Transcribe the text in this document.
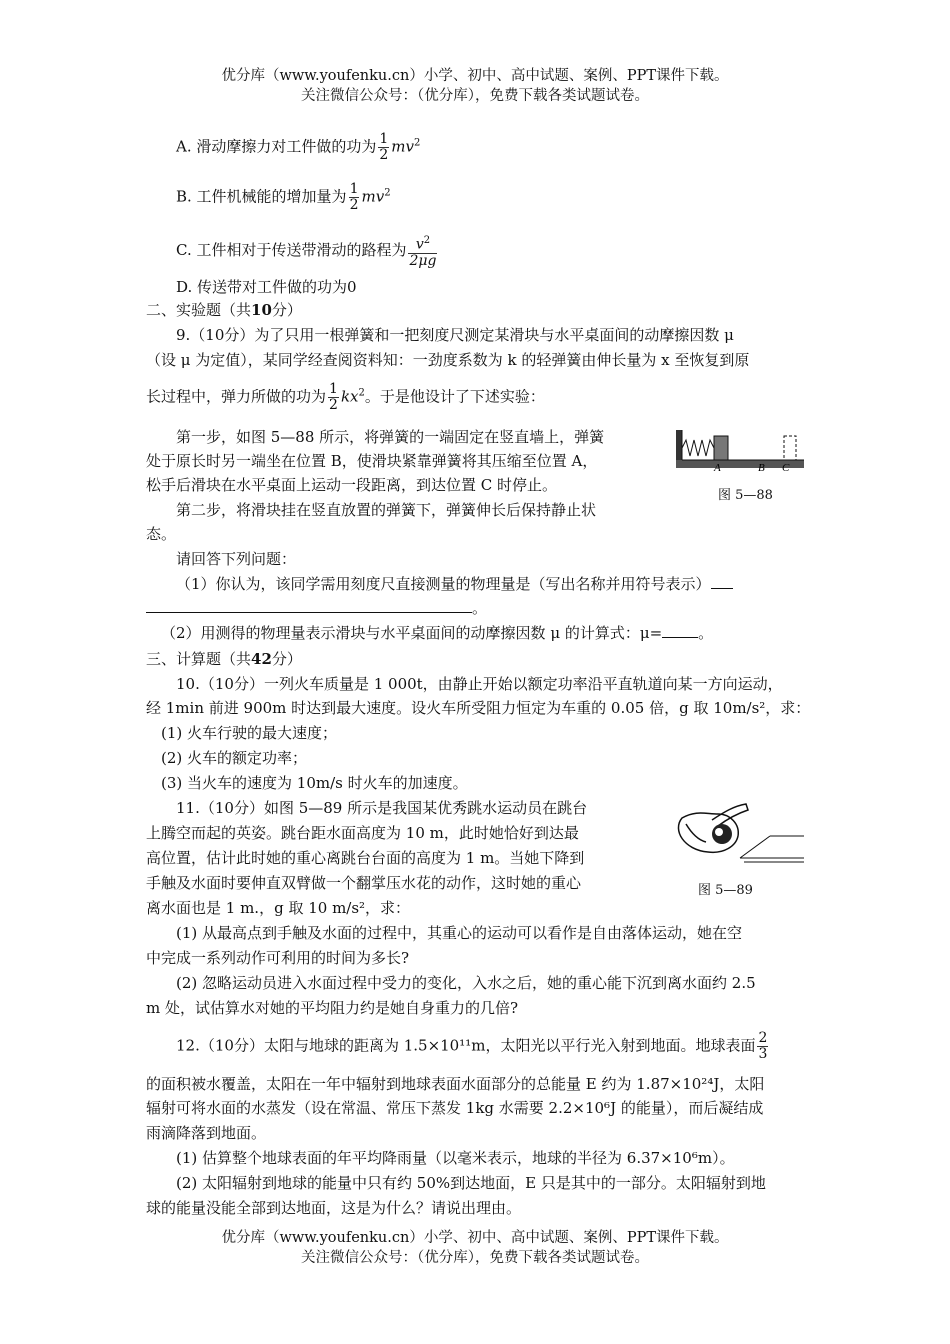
优分库（www.youfenku.cn）小学、初中、高中试题、案例、PPT课件下载。
关注微信公众号：（优分库），免费下载各类试题试卷。
A. 滑动摩擦力对工件做的功为 $\frac{1}{2} mv^2$
B. 工件机械能的增加量为 $\frac{1}{2} mv^2$
C. 工件相对于传送带滑动的路程为 $\frac{v^2}{2\mu g}$
D. 传送带对工件做的功为0
二、实验题（共10分）
9.（10分）为了只用一根弹簧和一把刻度尺测定某滑块与水平桌面间的动摩擦因数 μ
（设 μ 为定值），某同学经查阅资料知：一劲度系数为 k 的轻弹簧由伸长量为 x 至恢复到原
长过程中，弹力所做的功为 $\frac{1}{2} kx^2$。于是他设计了下述实验：
第一步，如图 5—88 所示，将弹簧的一端固定在竖直墙上，弹簧
处于原长时另一端坐在位置 B，使滑块紧靠弹簧将其压缩至位置 A，
松手后滑块在水平桌面上运动一段距离，到达位置 C 时停止。
第二步，将滑块挂在竖直放置的弹簧下，弹簧伸长后保持静止状
态。
请回答下列问题：
（1）你认为，该同学需用刻度尺直接测量的物理量是（写出名称并用符号表示）
。
（2）用测得的物理量表示滑块与水平桌面间的动摩擦因数 μ 的计算式：μ= 。
A	B C
图 5—88
三、计算题（共42分）
10.（10分）一列火车质量是 1 000t，由静止开始以额定功率沿平直轨道向某一方向运动，
经 1min 前进 900m 时达到最大速度。设火车所受阻力恒定为车重的 0.05 倍，g 取 10m/s²，求：
(1) 火车行驶的最大速度；
(2) 火车的额定功率；
(3) 当火车的速度为 10m/s 时火车的加速度。
11.（10分）如图 5—89 所示是我国某优秀跳水运动员在跳台
上腾空而起的英姿。跳台距水面高度为 10 m，此时她恰好到达最
高位置，估计此时她的重心离跳台台面的高度为 1 m。当她下降到
手触及水面时要伸直双臂做一个翻掌压水花的动作，这时她的重心
离水面也是 1 m.，g 取 10 m/s²，求：
(1) 从最高点到手触及水面的过程中，其重心的运动可以看作是自由落体运动，她在空
中完成一系列动作可利用的时间为多长?
(2) 忽略运动员进入水面过程中受力的变化，入水之后，她的重心能下沉到离水面约 2.5
m 处，试估算水对她的平均阻力约是她自身重力的几倍?
图 5—89
12.（10分）太阳与地球的距离为 1.5×10¹¹m，太阳光以平行光入射到地面。地球表面 $\frac{2}{3}$
的面积被水覆盖，太阳在一年中辐射到地球表面水面部分的总能量 E 约为 1.87×10²⁴J，太阳
辐射可将水面的水蒸发（设在常温、常压下蒸发 1kg 水需要 2.2×10⁶J 的能量），而后凝结成
雨滴降落到地面。
(1) 估算整个地球表面的年平均降雨量（以毫米表示，地球的半径为 6.37×10⁶m）。
(2) 太阳辐射到地球的能量中只有约 50%到达地面，E 只是其中的一部分。太阳辐射到地
球的能量没能全部到达地面，这是为什么？请说出理由。
优分库（www.youfenku.cn）小学、初中、高中试题、案例、PPT课件下载。
关注微信公众号：（优分库），免费下载各类试题试卷。
